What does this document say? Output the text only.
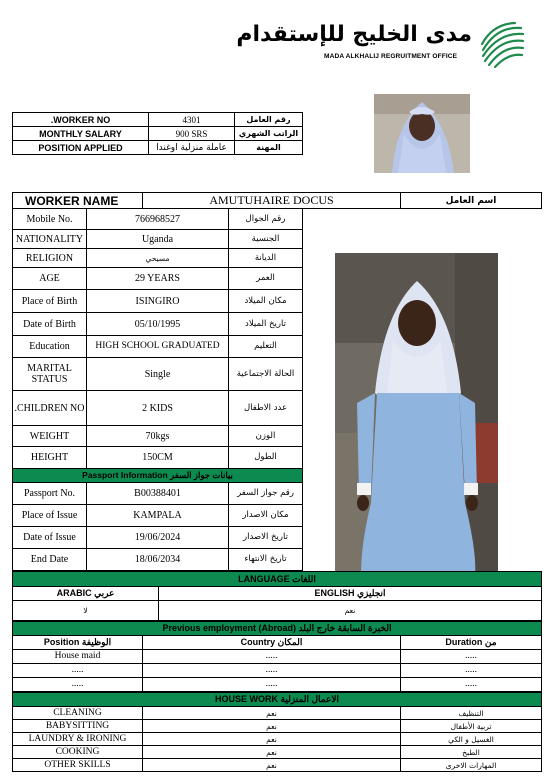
مدى الخليج للإستقدام
MADA ALKHALIJ REGRUITMENT OFFICE
.WORKER NO	4301	رقم العامل
MONTHLY SALARY	900 SRS	الراتب الشهري
POSITION APPLIED	عاملة منزلية اوغندا	المهنة
WORKER NAME	AMUTUHAIRE DOCUS	اسم العامل
Mobile No.	766968527	رقم الجوال
NATIONALITY	Uganda	الجنسية
RELIGION	مسيحي	الديانة
AGE	29 YEARS	العمر
Place of Birth	ISINGIRO	مكان الميلاد
Date of Birth	05/10/1995	تاريخ الميلاد
Education	HIGH SCHOOL GRADUATED	التعليم
MARITAL STATUS	Single	الحالة الاجتماعية
.CHILDREN NO	2 KIDS	عدد الاطفال
WEIGHT	70kgs	الوزن
HEIGHT	150CM	الطول
Passport Information بيانات جواز السفر		
Passport No.	B00388401	رقم جواز السفر
Place of Issue	KAMPALA	مكان الاصدار
Date of Issue	19/06/2024	تاريخ الاصدار
End Date	18/06/2034	تاريخ الانتهاء
LANGUAGE اللغات	
ARABIC عربي	ENGLISH انجليزي
لا	نعم
Previous employment (Abroad) الخبرة السابقة خارج البلد		
Position الوظيفة	Country المكان	Duration من
House maid	.....	.....
.....	.....	.....
.....	.....	.....
HOUSE WORK الاعمال المنزلية		
CLEANING	نعم	التنظيف
BABYSITTING	نعم	تربية الأطفال
LAUNDRY & IRONING	نعم	الغسيل و الكي
COOKING	نعم	الطبخ
OTHER SKILLS	نعم	المهارات الاخرى
